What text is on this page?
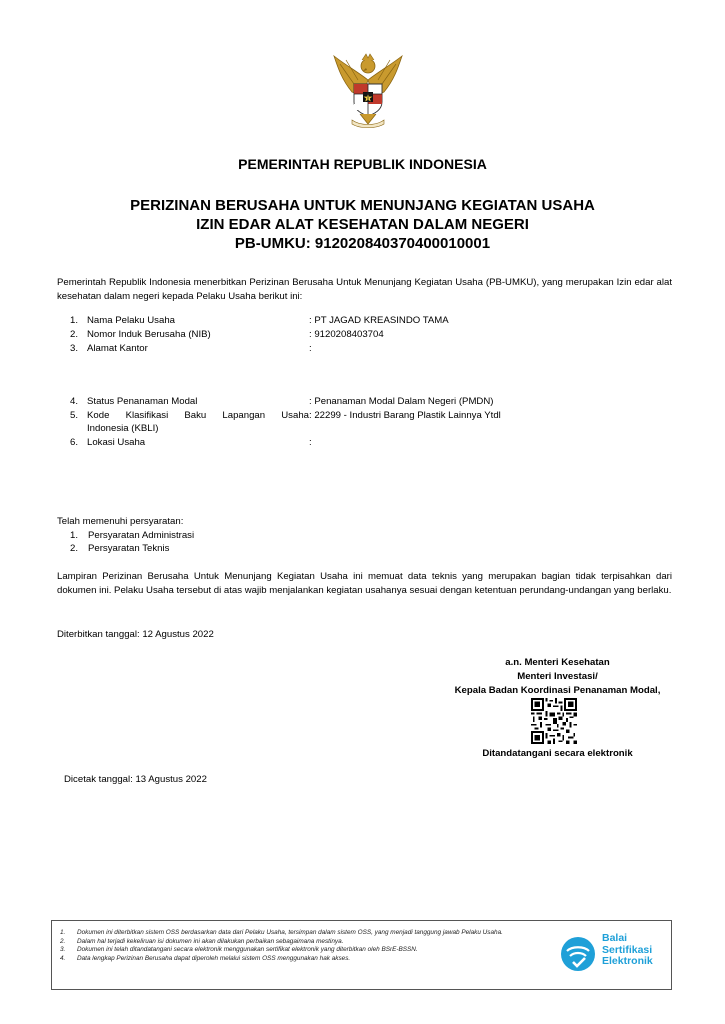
PEMERINTAH REPUBLIK INDONESIA
PERIZINAN BERUSAHA UNTUK MENUNJANG KEGIATAN USAHA
IZIN EDAR ALAT KESEHATAN DALAM NEGERI
PB-UMKU: 912020840370400010001
Pemerintah Republik Indonesia menerbitkan Perizinan Berusaha Untuk Menunjang Kegiatan Usaha (PB-UMKU), yang merupakan Izin edar alat kesehatan dalam negeri kepada Pelaku Usaha berikut ini:
1. Nama Pelaku Usaha	: PT JAGAD KREASINDO TAMA
2. Nomor Induk Berusaha (NIB)	: 9120208403704
3. Alamat Kantor	:
4. Status Penanaman Modal	: Penanaman Modal Dalam Negeri (PMDN)
5. Kode Klasifikasi Baku Lapangan Usaha : 22299 - Industri Barang Plastik Lainnya Ytdl
Indonesia (KBLI)
6. Lokasi Usaha	:
Telah memenuhi persyaratan:
1. Persyaratan Administrasi
2. Persyaratan Teknis
Lampiran Perizinan Berusaha Untuk Menunjang Kegiatan Usaha ini memuat data teknis yang merupakan bagian tidak terpisahkan dari dokumen ini. Pelaku Usaha tersebut di atas wajib menjalankan kegiatan usahanya sesuai dengan ketentuan perundang-undangan yang berlaku.
Diterbitkan tanggal: 12 Agustus 2022
a.n. Menteri Kesehatan
Menteri Investasi/
Kepala Badan Koordinasi Penanaman Modal,
Ditandatangani secara elektronik
Dicetak tanggal: 13 Agustus 2022
1. Dokumen ini diterbitkan sistem OSS berdasarkan data dari Pelaku Usaha, tersimpan dalam sistem OSS, yang menjadi tanggung jawab Pelaku Usaha.
2. Dalam hal terjadi kekeliruan isi dokumen ini akan dilakukan perbaikan sebagaimana mestinya.
3. Dokumen ini telah ditandatangani secara elektronik menggunakan sertifikat elektronik yang diterbitkan oleh BSrE-BSSN.
4. Data lengkap Perizinan Berusaha dapat diperoleh melalui sistem OSS menggunakan hak akses.
Balai
Sertifikasi
Elektronik
